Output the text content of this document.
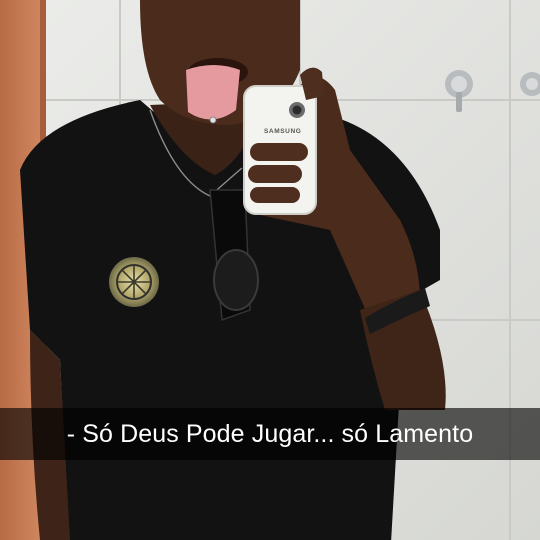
SAMSUNG
- Só Deus Pode Jugar... só Lamento
